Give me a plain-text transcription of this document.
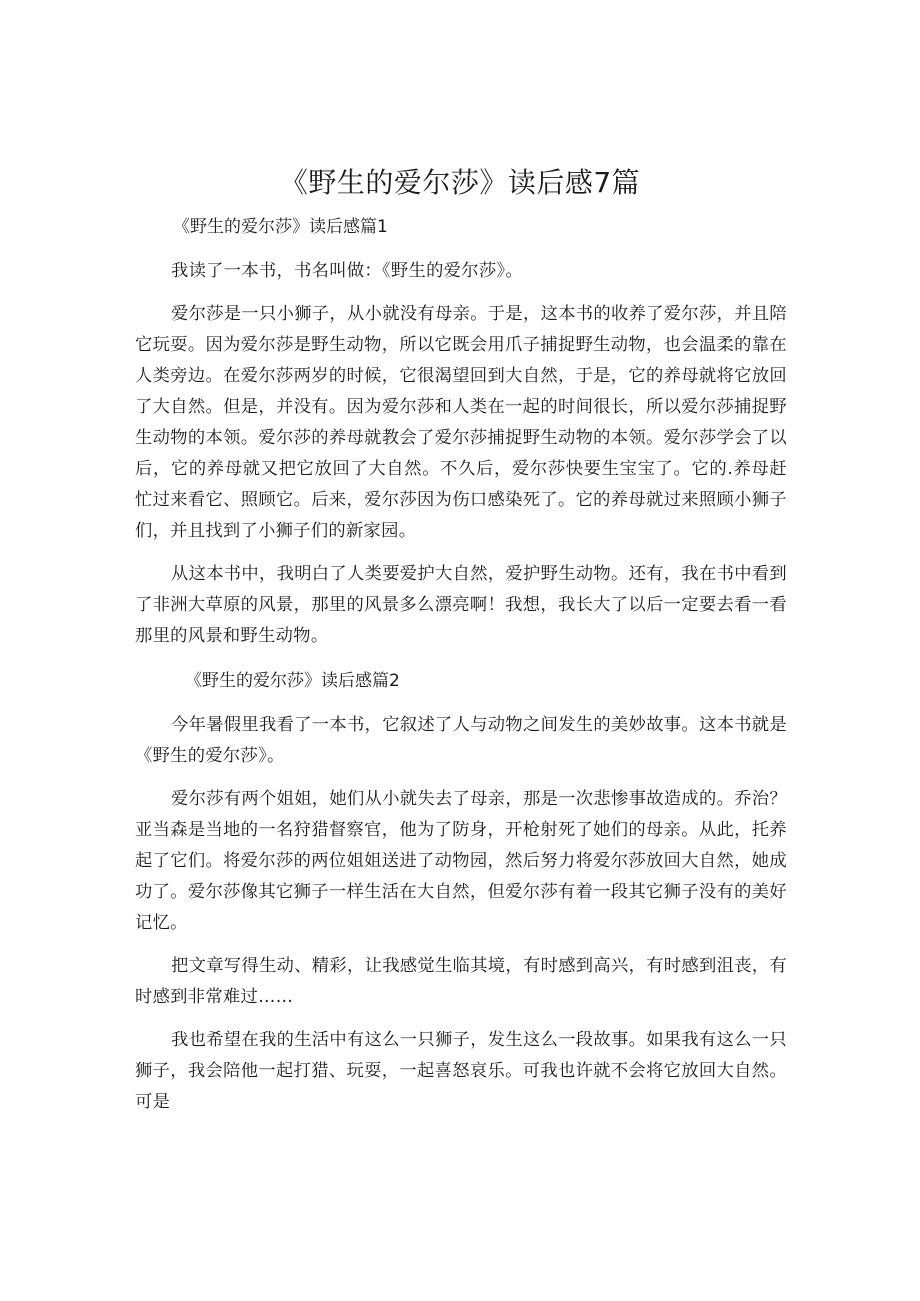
《野生的爱尔莎》读后感7篇

《野生的爱尔莎》读后感篇1

我读了一本书，书名叫做：《野生的爱尔莎》。

爱尔莎是一只小狮子，从小就没有母亲。于是，这本书的收养了爱尔莎，并且陪它玩耍。因为爱尔莎是野生动物，所以它既会用爪子捕捉野生动物，也会温柔的靠在人类旁边。在爱尔莎两岁的时候，它很渴望回到大自然，于是，它的养母就将它放回了大自然。但是，并没有。因为爱尔莎和人类在一起的时间很长，所以爱尔莎捕捉野生动物的本领。爱尔莎的养母就教会了爱尔莎捕捉野生动物的本领。爱尔莎学会了以后，它的养母就又把它放回了大自然。不久后，爱尔莎快要生宝宝了。它的.养母赶忙过来看它、照顾它。后来，爱尔莎因为伤口感染死了。它的养母就过来照顾小狮子们，并且找到了小狮子们的新家园。

从这本书中，我明白了人类要爱护大自然，爱护野生动物。还有，我在书中看到了非洲大草原的风景，那里的风景多么漂亮啊！我想，我长大了以后一定要去看一看那里的风景和野生动物。

《野生的爱尔莎》读后感篇2

今年暑假里我看了一本书，它叙述了人与动物之间发生的美妙故事。这本书就是《野生的爱尔莎》。

爱尔莎有两个姐姐，她们从小就失去了母亲，那是一次悲惨事故造成的。乔治？亚当森是当地的一名狩猎督察官，他为了防身，开枪射死了她们的母亲。从此，托养起了它们。将爱尔莎的两位姐姐送进了动物园，然后努力将爱尔莎放回大自然，她成功了。爱尔莎像其它狮子一样生活在大自然，但爱尔莎有着一段其它狮子没有的美好记忆。

把文章写得生动、精彩，让我感觉生临其境，有时感到高兴，有时感到沮丧，有时感到非常难过……

我也希望在我的生活中有这么一只狮子，发生这么一段故事。如果我有这么一只狮子，我会陪他一起打猎、玩耍，一起喜怒哀乐。可我也许就不会将它放回大自然。可是
